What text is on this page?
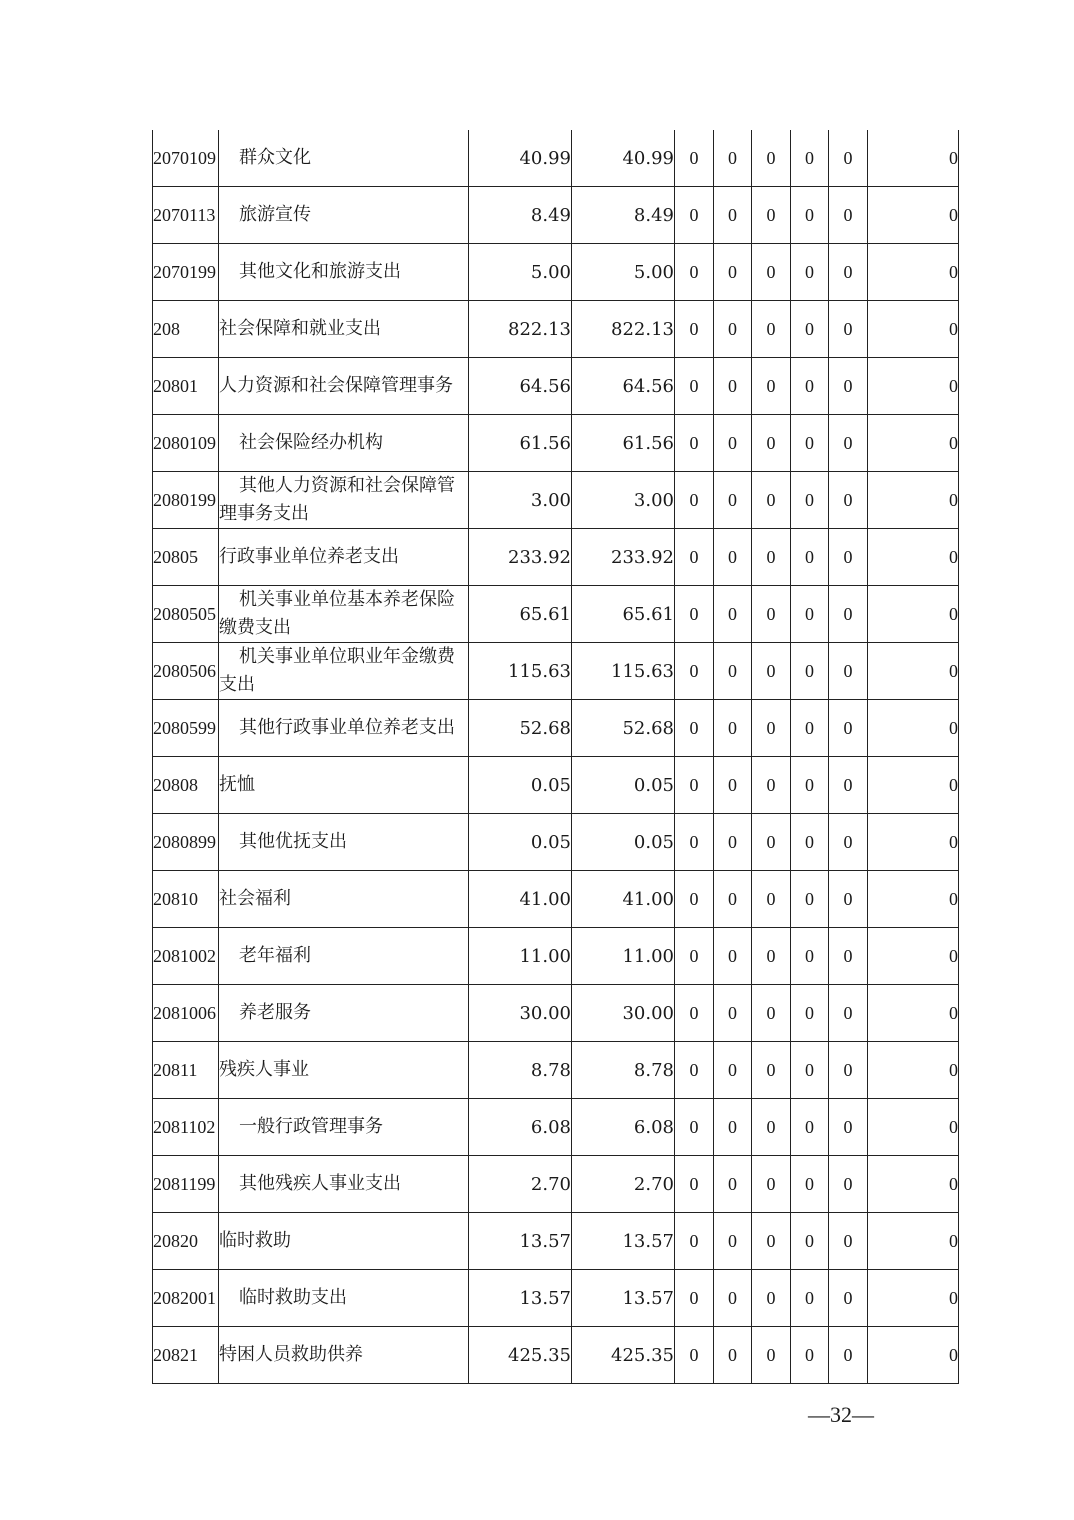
2070109	群众文化	40.99	40.99	0	0	0	0	0	0
2070113	旅游宣传	8.49	8.49	0	0	0	0	0	0
2070199	其他文化和旅游支出	5.00	5.00	0	0	0	0	0	0
208	社会保障和就业支出	822.13	822.13	0	0	0	0	0	0
20801	人力资源和社会保障管理事务	64.56	64.56	0	0	0	0	0	0
2080109	社会保险经办机构	61.56	61.56	0	0	0	0	0	0
2080199	其他人力资源和社会保障管理事务支出	3.00	3.00	0	0	0	0	0	0
20805	行政事业单位养老支出	233.92	233.92	0	0	0	0	0	0
2080505	机关事业单位基本养老保险缴费支出	65.61	65.61	0	0	0	0	0	0
2080506	机关事业单位职业年金缴费支出	115.63	115.63	0	0	0	0	0	0
2080599	其他行政事业单位养老支出	52.68	52.68	0	0	0	0	0	0
20808	抚恤	0.05	0.05	0	0	0	0	0	0
2080899	其他优抚支出	0.05	0.05	0	0	0	0	0	0
20810	社会福利	41.00	41.00	0	0	0	0	0	0
2081002	老年福利	11.00	11.00	0	0	0	0	0	0
2081006	养老服务	30.00	30.00	0	0	0	0	0	0
20811	残疾人事业	8.78	8.78	0	0	0	0	0	0
2081102	一般行政管理事务	6.08	6.08	0	0	0	0	0	0
2081199	其他残疾人事业支出	2.70	2.70	0	0	0	0	0	0
20820	临时救助	13.57	13.57	0	0	0	0	0	0
2082001	临时救助支出	13.57	13.57	0	0	0	0	0	0
20821	特困人员救助供养	425.35	425.35	0	0	0	0	0	0
—32—
